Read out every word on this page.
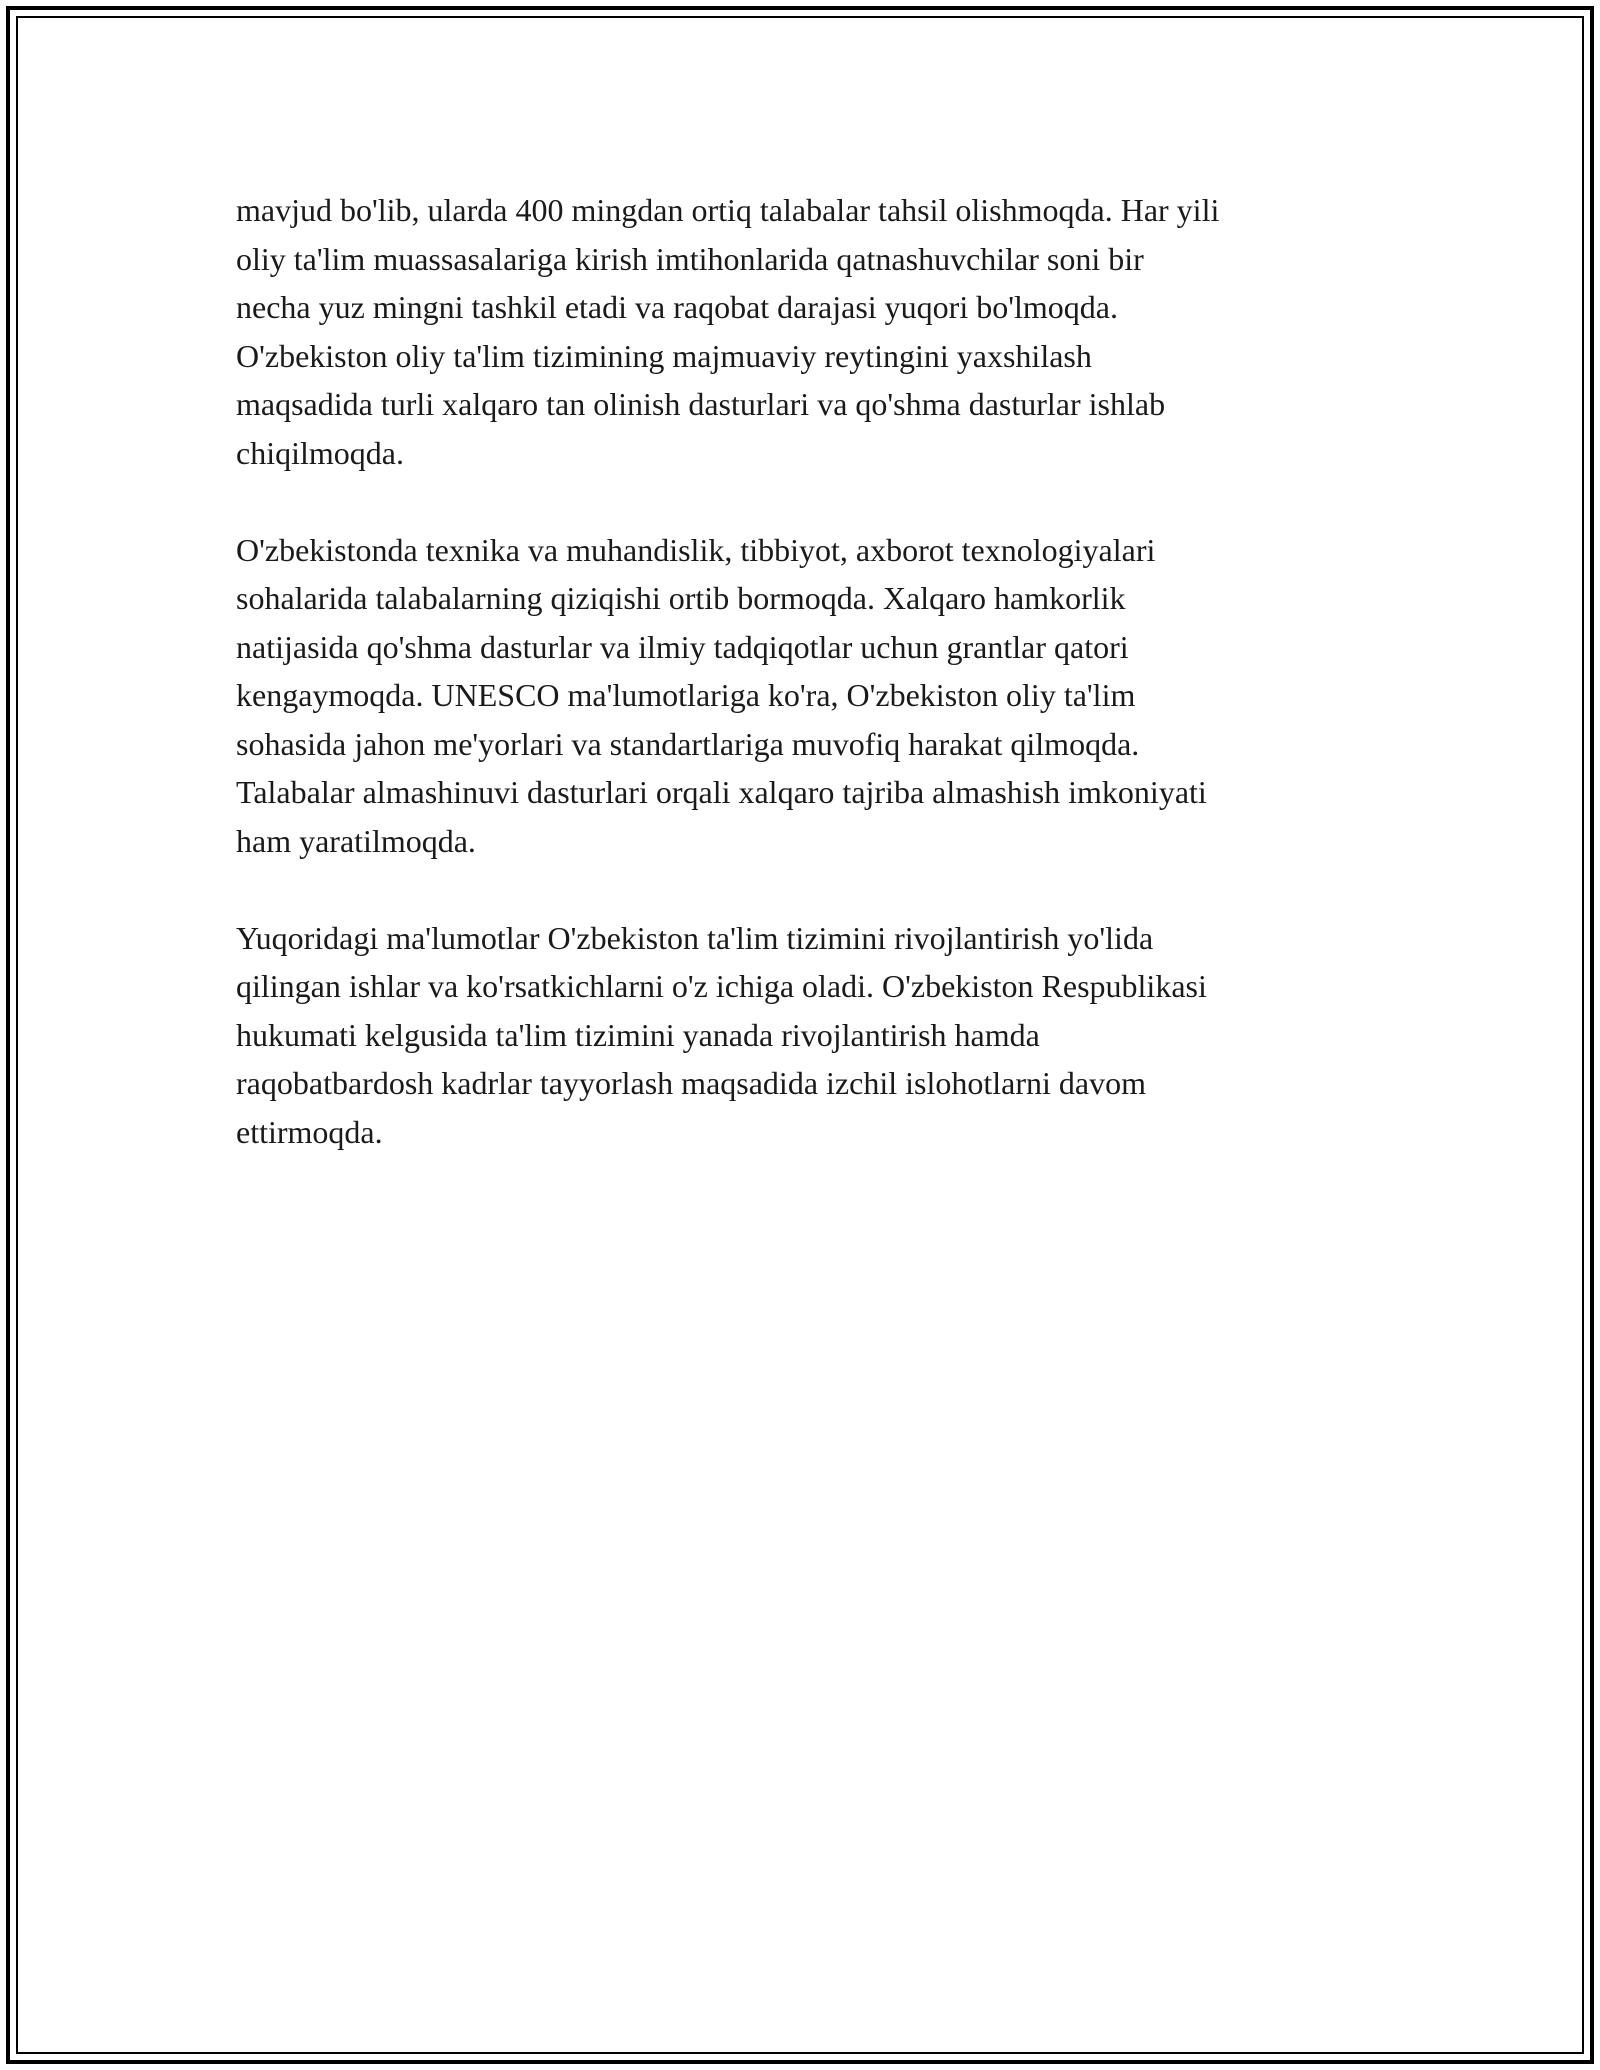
mavjud bo'lib, ularda 400 mingdan ortiq talabalar tahsil olishmoqda. Har yili
oliy ta'lim muassasalariga kirish imtihonlarida qatnashuvchilar soni bir
necha yuz mingni tashkil etadi va raqobat darajasi yuqori bo'lmoqda.
O'zbekiston oliy ta'lim tizimining majmuaviy reytingini yaxshilash
maqsadida turli xalqaro tan olinish dasturlari va qo'shma dasturlar ishlab
chiqilmoqda.

O'zbekistonda texnika va muhandislik, tibbiyot, axborot texnologiyalari
sohalarida talabalarning qiziqishi ortib bormoqda. Xalqaro hamkorlik
natijasida qo'shma dasturlar va ilmiy tadqiqotlar uchun grantlar qatori
kengaymoqda. UNESCO ma'lumotlariga ko'ra, O'zbekiston oliy ta'lim
sohasida jahon me'yorlari va standartlariga muvofiq harakat qilmoqda.
Talabalar almashinuvi dasturlari orqali xalqaro tajriba almashish imkoniyati
ham yaratilmoqda.

Yuqoridagi ma'lumotlar O'zbekiston ta'lim tizimini rivojlantirish yo'lida
qilingan ishlar va ko'rsatkichlarni o'z ichiga oladi. O'zbekiston Respublikasi
hukumati kelgusida ta'lim tizimini yanada rivojlantirish hamda
raqobatbardosh kadrlar tayyorlash maqsadida izchil islohotlarni davom
ettirmoqda.
